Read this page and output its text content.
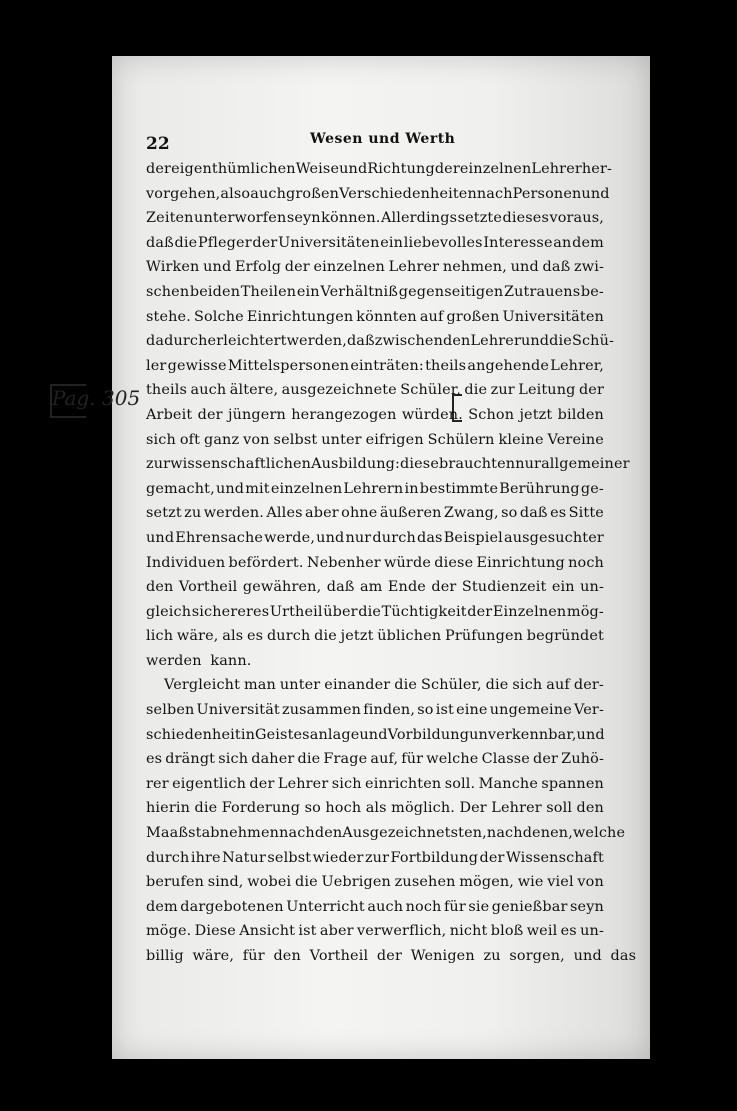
22	Wesen und Werth
Pag. 305
der eigenthümlichen Weise und Richtung der einzelnen Lehrer her-
vorgehen, also auch großen Verschiedenheiten nach Personen und
Zeiten unterworfen seyn können. Allerdings setzte dieses voraus,
daß die Pfleger der Universitäten ein liebevolles Interesse an dem
Wirken und Erfolg der einzelnen Lehrer nehmen, und daß zwi-
schen beiden Theilen ein Verhältniß gegenseitigen Zutrauens be-
stehe. Solche Einrichtungen könnten auf großen Universitäten
dadurch erleichtert werden, daß zwischen den Lehrer und die Schü-
ler gewisse Mittelspersonen einträten: theils angehende Lehrer,
theils auch ältere, ausgezeichnete Schüler, die zur Leitung der
Arbeit der jüngern herangezogen würden. Schon jetzt bilden
sich oft ganz von selbst unter eifrigen Schülern kleine Vereine
zur wissenschaftlichen Ausbildung: diese brauchten nur allgemeiner
gemacht, und mit einzelnen Lehrern in bestimmte Berührung ge-
setzt zu werden. Alles aber ohne äußeren Zwang, so daß es Sitte
und Ehrensache werde, und nur durch das Beispiel ausgesuchter
Individuen befördert. Nebenher würde diese Einrichtung noch
den Vortheil gewähren, daß am Ende der Studienzeit ein un-
gleich sichereres Urtheil über die Tüchtigkeit der Einzelnen mög-
lich wäre, als es durch die jetzt üblichen Prüfungen begründet
werden kann.
Vergleicht man unter einander die Schüler, die sich auf der-
selben Universität zusammen finden, so ist eine ungemeine Ver-
schiedenheit in Geistesanlage und Vorbildung unverkennbar, und
es drängt sich daher die Frage auf, für welche Classe der Zuhö-
rer eigentlich der Lehrer sich einrichten soll. Manche spannen
hierin die Forderung so hoch als möglich. Der Lehrer soll den
Maaßstab nehmen nach den Ausgezeichnetsten, nach denen, welche
durch ihre Natur selbst wieder zur Fortbildung der Wissenschaft
berufen sind, wobei die Uebrigen zusehen mögen, wie viel von
dem dargebotenen Unterricht auch noch für sie genießbar seyn
möge. Diese Ansicht ist aber verwerflich, nicht bloß weil es un-
billig wäre, für den Vortheil der Wenigen zu sorgen, und das
